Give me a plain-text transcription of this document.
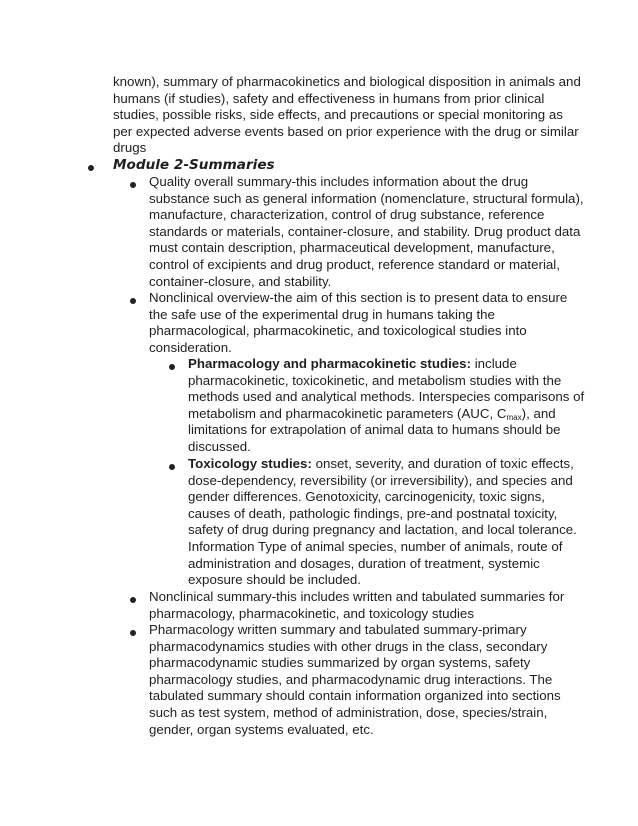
known), summary of pharmacokinetics and biological disposition in animals and humans (if studies), safety and effectiveness in humans from prior clinical studies, possible risks, side effects, and precautions or special monitoring as per expected adverse events based on prior experience with the drug or similar drugs
Module 2-Summaries
Quality overall summary-this includes information about the drug substance such as general information (nomenclature, structural formula), manufacture, characterization, control of drug substance, reference standards or materials, container-closure, and stability. Drug product data must contain description, pharmaceutical development, manufacture, control of excipients and drug product, reference standard or material, container-closure, and stability.
Nonclinical overview-the aim of this section is to present data to ensure the safe use of the experimental drug in humans taking the pharmacological, pharmacokinetic, and toxicological studies into consideration.
Pharmacology and pharmacokinetic studies: include pharmacokinetic, toxicokinetic, and metabolism studies with the methods used and analytical methods. Interspecies comparisons of metabolism and pharmacokinetic parameters (AUC, $C_{max}$), and limitations for extrapolation of animal data to humans should be discussed.
Toxicology studies: onset, severity, and duration of toxic effects, dose-dependency, reversibility (or irreversibility), and species and gender differences. Genotoxicity, carcinogenicity, toxic signs, causes of death, pathologic findings, pre-and postnatal toxicity, safety of drug during pregnancy and lactation, and local tolerance. Information Type of animal species, number of animals, route of administration and dosages, duration of treatment, systemic exposure should be included.
Nonclinical summary-this includes written and tabulated summaries for pharmacology, pharmacokinetic, and toxicology studies
Pharmacology written summary and tabulated summary-primary pharmacodynamics studies with other drugs in the class, secondary pharmacodynamic studies summarized by organ systems, safety pharmacology studies, and pharmacodynamic drug interactions. The tabulated summary should contain information organized into sections such as test system, method of administration, dose, species/strain, gender, organ systems evaluated, etc.
